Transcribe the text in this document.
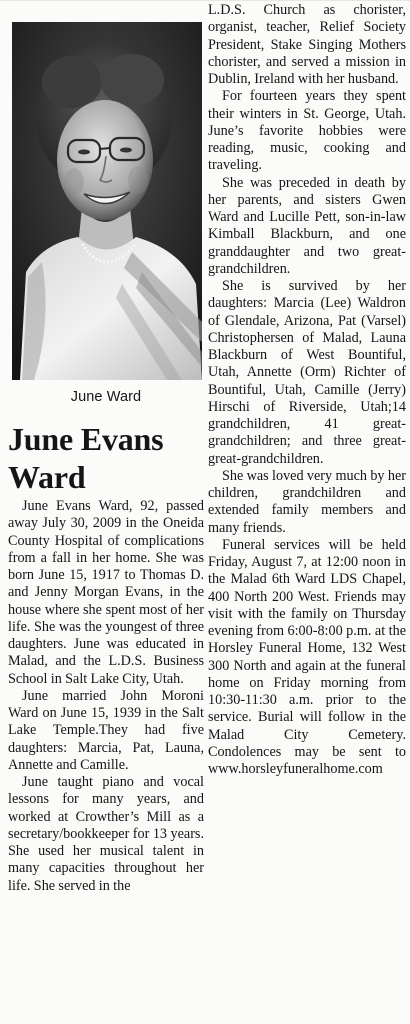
June Ward
June Evans Ward

June Evans Ward, 92, passed away July 30, 2009 in the Oneida County Hospital of complications from a fall in her home. She was born June 15, 1917 to Thomas D. and Jenny Morgan Evans, in the house where she spent most of her life. She was the youngest of three daughters. June was educated in Malad, and the L.D.S. Business School in Salt Lake City, Utah.

June married John Moroni Ward on June 15, 1939 in the Salt Lake Temple.They had five daughters: Marcia, Pat, Launa, Annette and Camille.

June taught piano and vocal lessons for many years, and worked at Crowther’s Mill as a secretary/bookkeeper for 13 years. She used her musical talent in many capacities throughout her life. She served in the

L.D.S. Church as chorister, organist, teacher, Relief Society President, Stake Singing Mothers chorister, and served a mission in Dublin, Ireland with her husband.

For fourteen years they spent their winters in St. George, Utah. June’s favorite hobbies were reading, music, cooking and traveling.

She was preceded in death by her parents, and sisters Gwen Ward and Lucille Pett, son-in-law Kimball Blackburn, and one granddaughter and two great-grandchildren.

She is survived by her daughters: Marcia (Lee) Waldron of Glendale, Arizona, Pat (Varsel) Christophersen of Malad, Launa Blackburn of West Bountiful, Utah, Annette (Orm) Richter of Bountiful, Utah, Camille (Jerry) Hirschi of Riverside, Utah;14 grandchildren, 41 great-grandchildren; and three great-great-grandchildren.

She was loved very much by her children, grandchildren and extended family members and many friends.

Funeral services will be held Friday, August 7, at 12:00 noon in the Malad 6th Ward LDS Chapel, 400 North 200 West. Friends may visit with the family on Thursday evening from 6:00-8:00 p.m. at the Horsley Funeral Home, 132 West 300 North and again at the funeral home on Friday morning from 10:30-11:30 a.m. prior to the service. Burial will follow in the Malad City Cemetery. Condolences may be sent to www.horsleyfuneralhome.com
